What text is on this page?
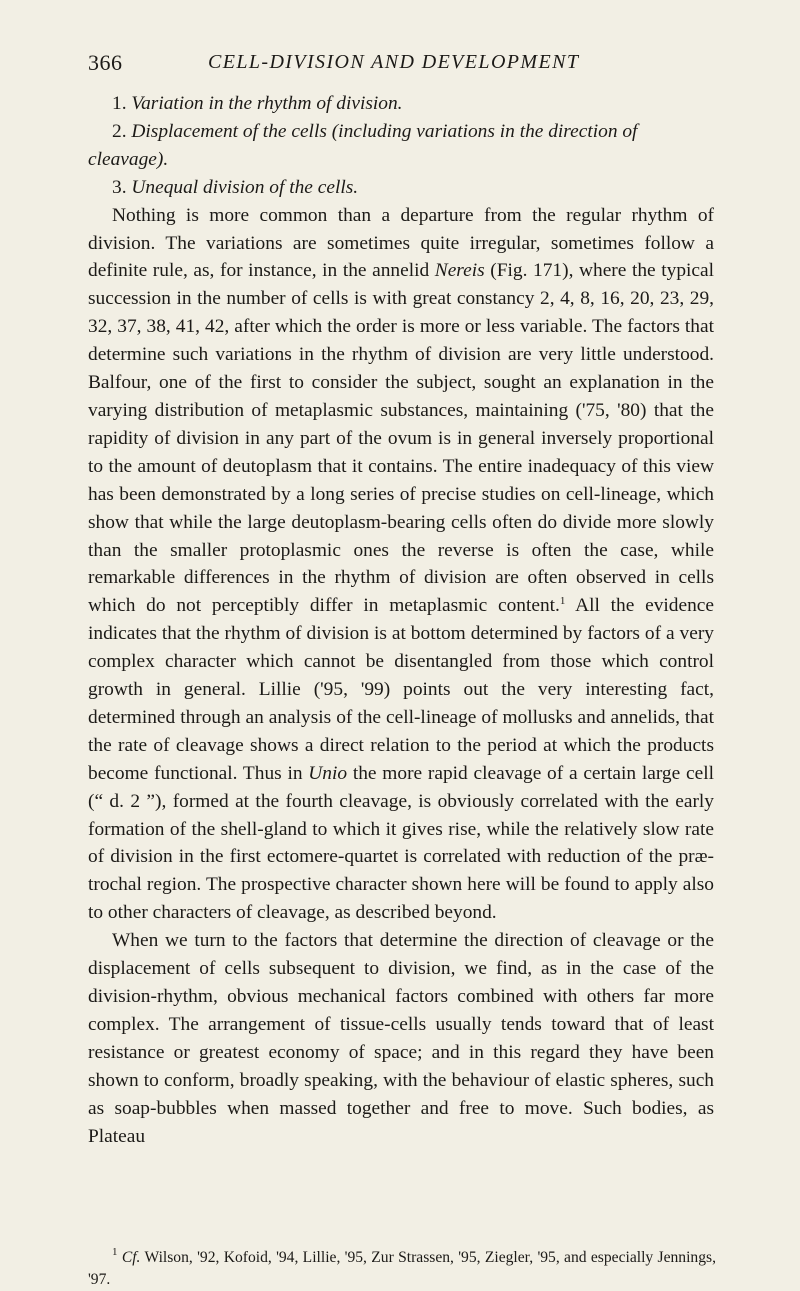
366	CELL-DIVISION AND DEVELOPMENT

1. Variation in the rhythm of division.

2. Displacement of the cells (including variations in the direction of cleavage).

3. Unequal division of the cells.

Nothing is more common than a departure from the regular rhythm of division. The variations are sometimes quite irregular, sometimes follow a definite rule, as, for instance, in the annelid Nereis (Fig. 171), where the typical succession in the number of cells is with great constancy 2, 4, 8, 16, 20, 23, 29, 32, 37, 38, 41, 42, after which the order is more or less variable. The factors that determine such variations in the rhythm of division are very little understood. Balfour, one of the first to consider the subject, sought an explanation in the varying distribution of metaplasmic substances, maintaining ('75, '80) that the rapidity of division in any part of the ovum is in general inversely proportional to the amount of deutoplasm that it contains. The entire inadequacy of this view has been demonstrated by a long series of precise studies on cell-lineage, which show that while the large deutoplasm-bearing cells often do divide more slowly than the smaller protoplasmic ones the reverse is often the case, while remarkable differences in the rhythm of division are often observed in cells which do not perceptibly differ in metaplasmic content.$^1$ All the evidence indicates that the rhythm of division is at bottom determined by factors of a very complex character which cannot be disentangled from those which control growth in general. Lillie ('95, '99) points out the very interesting fact, determined through an analysis of the cell-lineage of mollusks and annelids, that the rate of cleavage shows a direct relation to the period at which the products become functional. Thus in Unio the more rapid cleavage of a certain large cell (“ d. 2 ”), formed at the fourth cleavage, is obviously correlated with the early formation of the shell-gland to which it gives rise, while the relatively slow rate of division in the first ectomere-quartet is correlated with reduction of the præ-trochal region. The prospective character shown here will be found to apply also to other characters of cleavage, as described beyond.

When we turn to the factors that determine the direction of cleavage or the displacement of cells subsequent to division, we find, as in the case of the division-rhythm, obvious mechanical factors combined with others far more complex. The arrangement of tissue-cells usually tends toward that of least resistance or greatest economy of space; and in this regard they have been shown to conform, broadly speaking, with the behaviour of elastic spheres, such as soap-bubbles when massed together and free to move. Such bodies, as Plateau

$^1$ Cf. Wilson, '92, Kofoid, '94, Lillie, '95, Zur Strassen, '95, Ziegler, '95, and especially Jennings, '97.
